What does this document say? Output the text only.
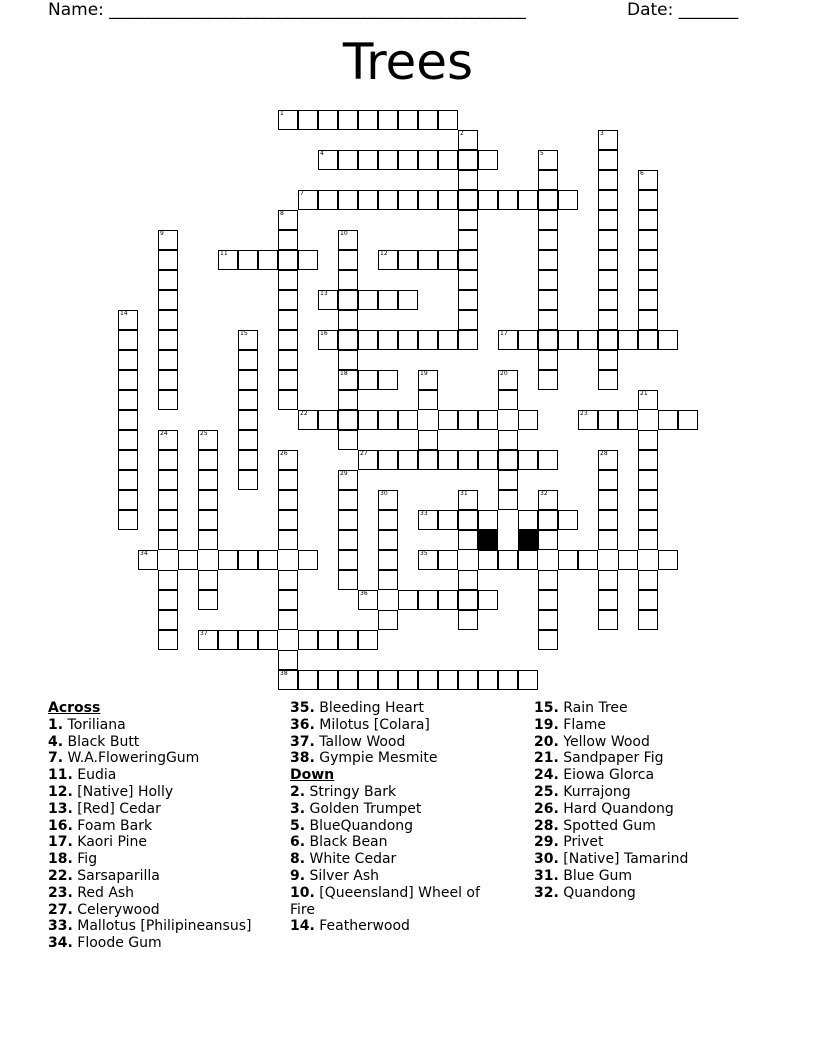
Name: ______________________________________________________	Date: _______
Trees
1
2	3
4	5
6
7
8
9	10
11	12
13
14
15	16	17
18	19	20
21
22	23
24	25
26	27	28
29
30	31	32
33
34	35
36
37
38
Across
1. Toriliana
4. Black Butt
7. W.A.FloweringGum
11. Eudia
12. [Native] Holly
13. [Red] Cedar
16. Foam Bark
17. Kaori Pine
18. Fig
22. Sarsaparilla
23. Red Ash
27. Celerywood
33. Mallotus [Philipineansus]
34. Floode Gum
35. Bleeding Heart
36. Milotus [Colara]
37. Tallow Wood
38. Gympie Mesmite
Down
2. Stringy Bark
3. Golden Trumpet
5. BlueQuandong
6. Black Bean
8. White Cedar
9. Silver Ash
10. [Queensland] Wheel of Fire
14. Featherwood
15. Rain Tree
19. Flame
20. Yellow Wood
21. Sandpaper Fig
24. Eiowa Glorca
25. Kurrajong
26. Hard Quandong
28. Spotted Gum
29. Privet
30. [Native] Tamarind
31. Blue Gum
32. Quandong
